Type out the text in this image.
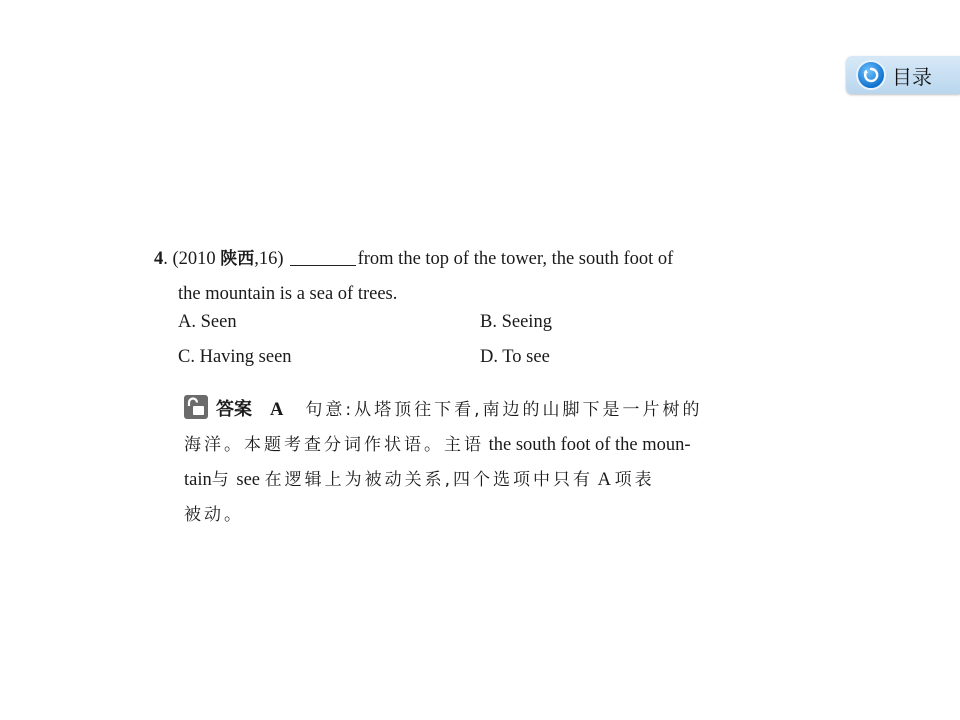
目录
4. (2010 陕西,16)	from the top of the tower, the south foot of
the mountain is a sea of trees.
A. Seen	B. Seeing
C. Having seen	D. To see
答案 A 句意:从塔顶往下看,南边的山脚下是一片树的
海洋。本题考查分词作状语。主语 the south foot of the moun-
tain与 see 在逻辑上为被动关系,四个选项中只有 A 项表
被动。
